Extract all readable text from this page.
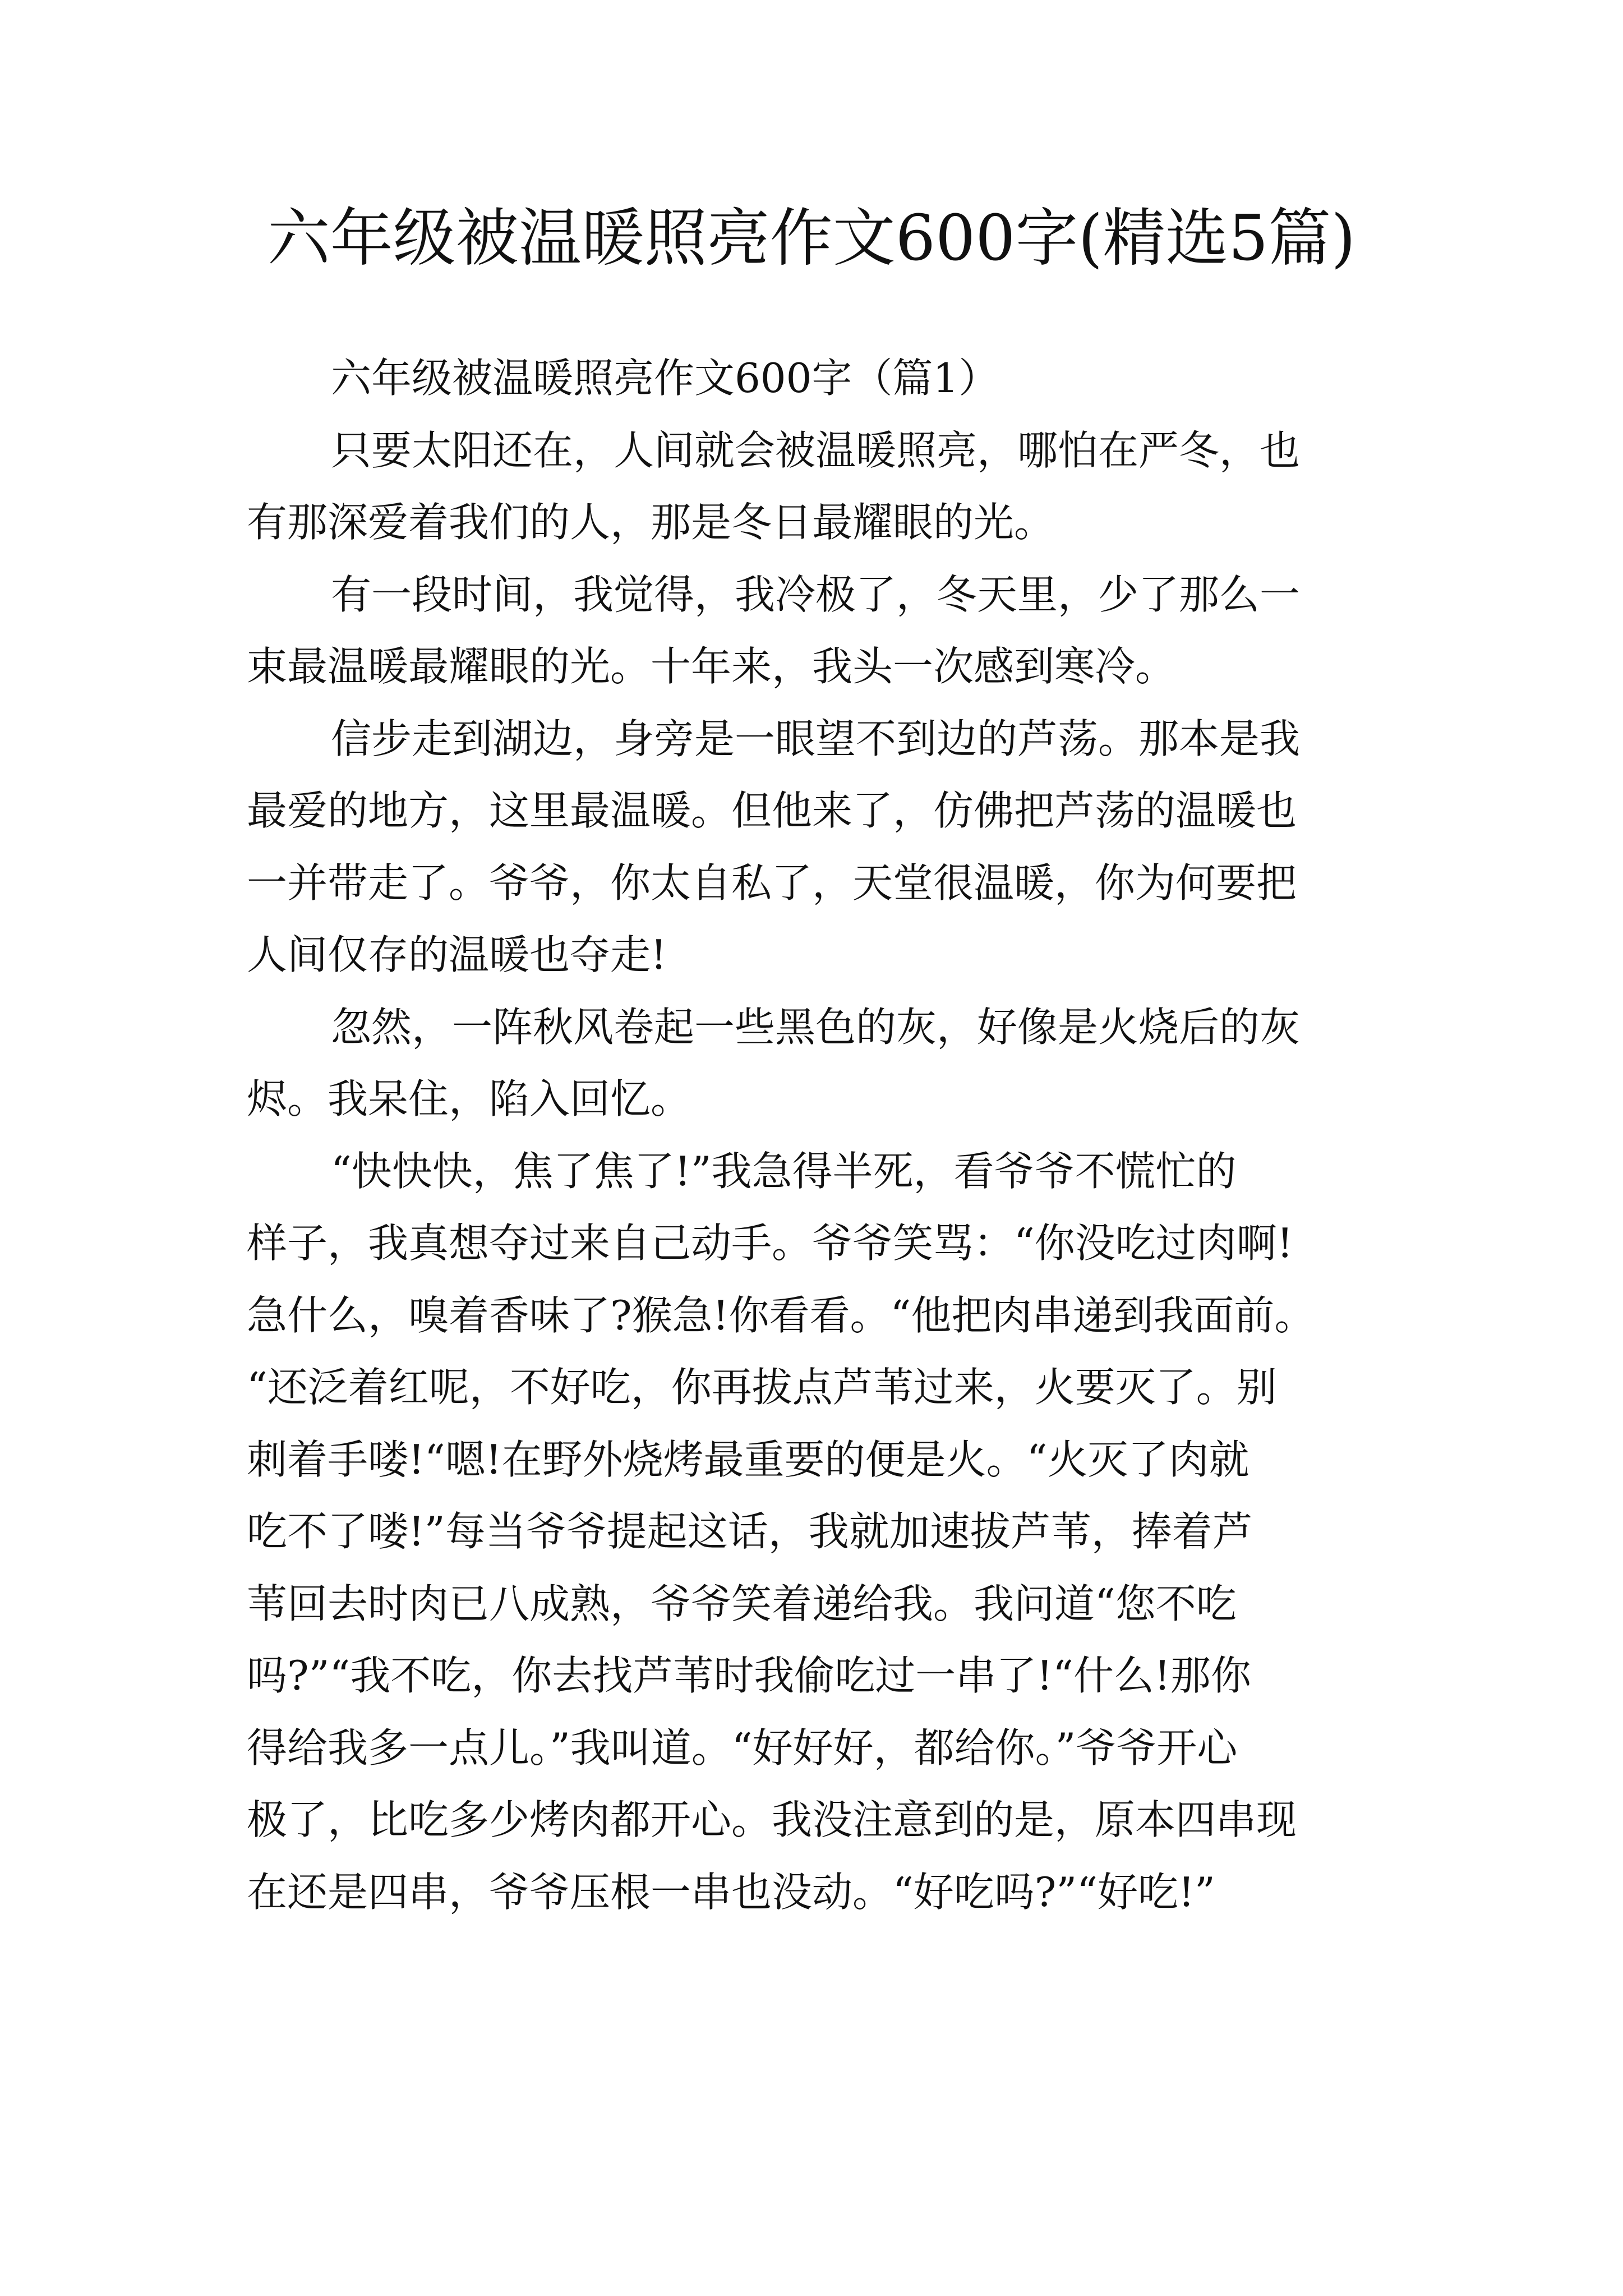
六年级被温暖照亮作文600字(精选5篇)

六年级被温暖照亮作文600字（篇1）

只要太阳还在，人间就会被温暖照亮，哪怕在严冬，也

有那深爱着我们的人，那是冬日最耀眼的光。

有一段时间，我觉得，我冷极了，冬天里，少了那么一

束最温暖最耀眼的光。十年来，我头一次感到寒冷。

信步走到湖边，身旁是一眼望不到边的芦荡。那本是我

最爱的地方，这里最温暖。但他来了，仿佛把芦荡的温暖也

一并带走了。爷爷，你太自私了，天堂很温暖，你为何要把

人间仅存的温暖也夺走!

忽然，一阵秋风卷起一些黑色的灰，好像是火烧后的灰

烬。我呆住，陷入回忆。

“快快快，焦了焦了!”我急得半死，看爷爷不慌忙的

样子，我真想夺过来自己动手。爷爷笑骂：“你没吃过肉啊!

急什么，嗅着香味了?猴急!你看看。“他把肉串递到我面前。

“还泛着红呢，不好吃，你再拔点芦苇过来，火要灭了。别

刺着手喽!“嗯!在野外烧烤最重要的便是火。“火灭了肉就

吃不了喽!”每当爷爷提起这话，我就加速拔芦苇，捧着芦

苇回去时肉已八成熟，爷爷笑着递给我。我问道“您不吃

吗?”“我不吃，你去找芦苇时我偷吃过一串了!“什么!那你

得给我多一点儿。”我叫道。“好好好，都给你。”爷爷开心

极了，比吃多少烤肉都开心。我没注意到的是，原本四串现

在还是四串，爷爷压根一串也没动。“好吃吗?”“好吃!”
